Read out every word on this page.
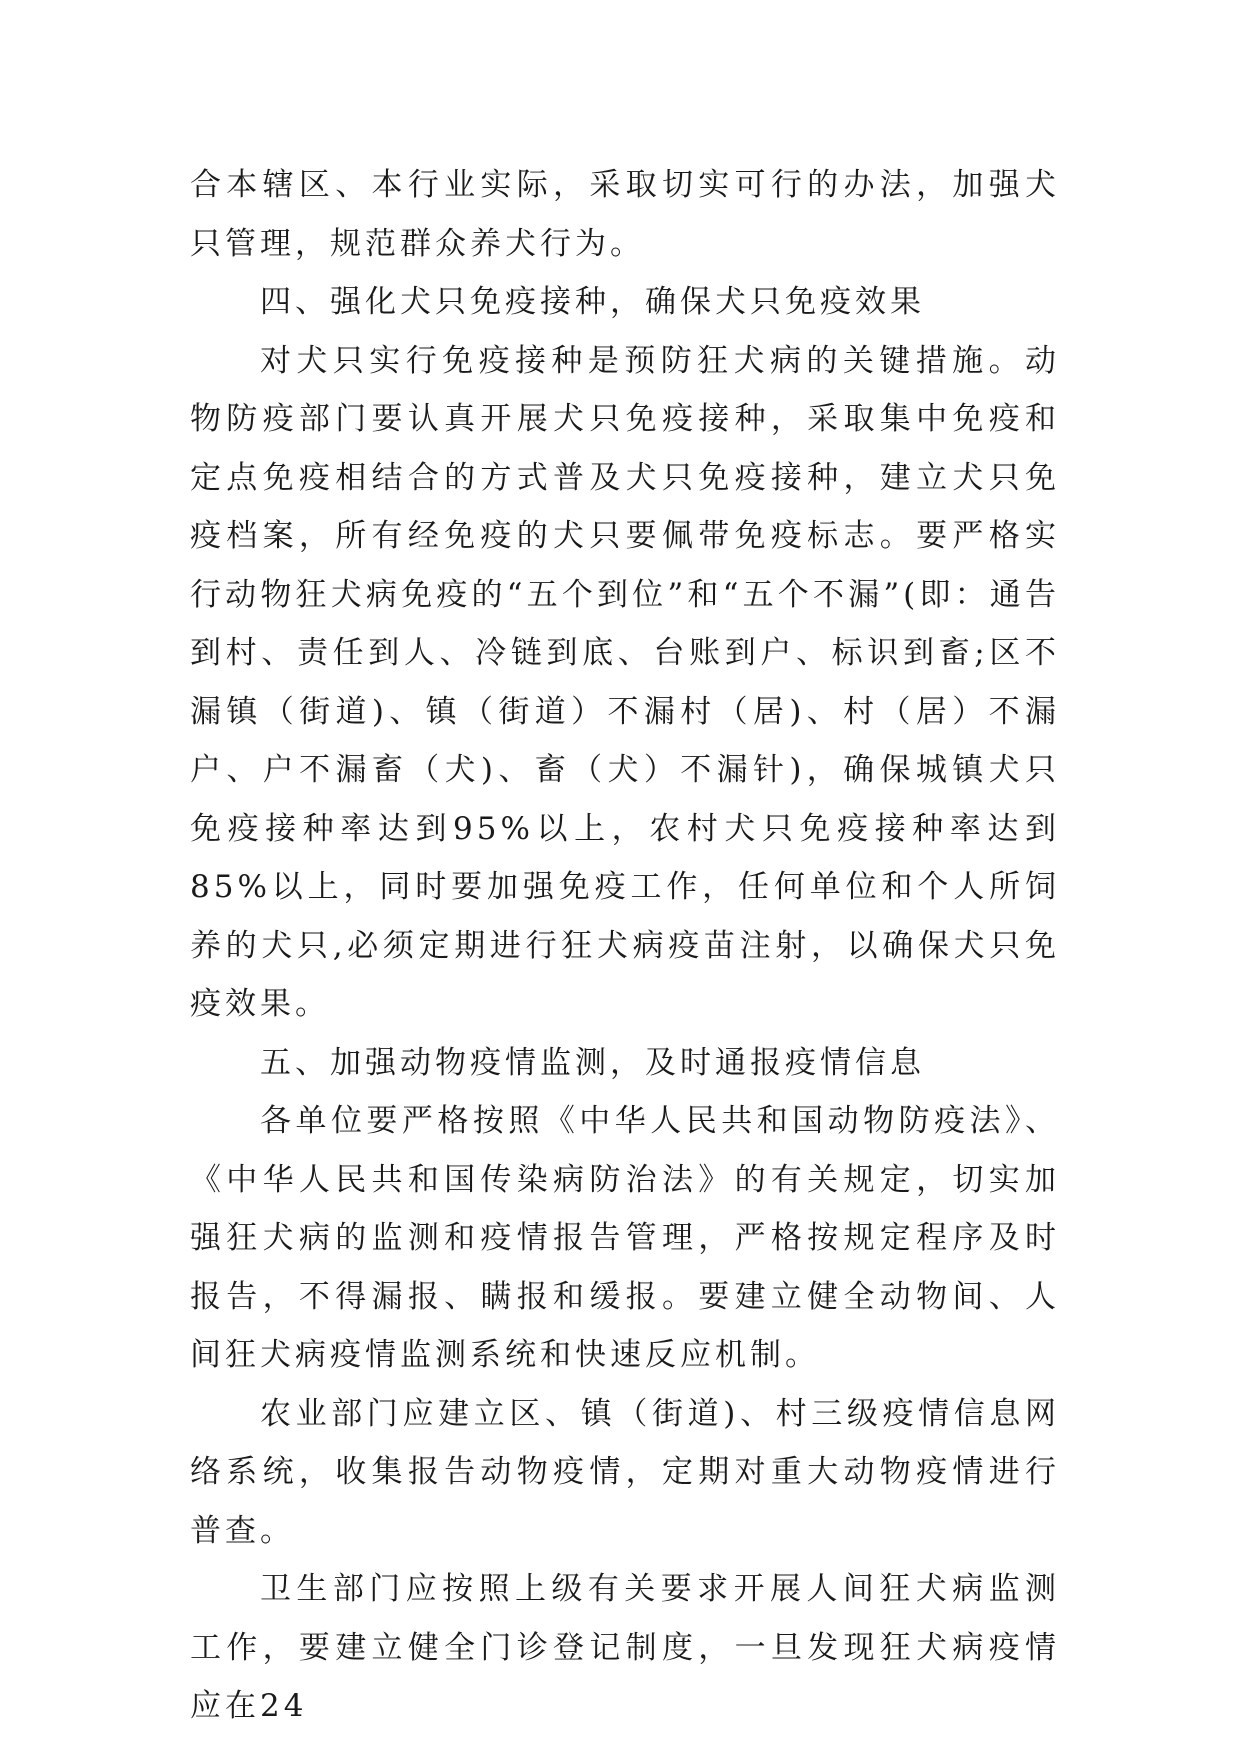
合本辖区、本行业实际，采取切实可行的办法，加强犬只管理，规范群众养犬行为。

四、强化犬只免疫接种，确保犬只免疫效果

对犬只实行免疫接种是预防狂犬病的关键措施。动物防疫部门要认真开展犬只免疫接种，采取集中免疫和定点免疫相结合的方式普及犬只免疫接种，建立犬只免疫档案，所有经免疫的犬只要佩带免疫标志。要严格实行动物狂犬病免疫的“五个到位”和“五个不漏”(即：通告到村、责任到人、冷链到底、台账到户、标识到畜;区不漏镇（街道)、镇（街道）不漏村（居)、村（居）不漏户、户不漏畜（犬)、畜（犬）不漏针)，确保城镇犬只免疫接种率达到95%以上，农村犬只免疫接种率达到85%以上，同时要加强免疫工作，任何单位和个人所饲养的犬只,必须定期进行狂犬病疫苗注射，以确保犬只免疫效果。

五、加强动物疫情监测，及时通报疫情信息

各单位要严格按照《中华人民共和国动物防疫法》、《中华人民共和国传染病防治法》的有关规定，切实加强狂犬病的监测和疫情报告管理，严格按规定程序及时报告，不得漏报、瞒报和缓报。要建立健全动物间、人间狂犬病疫情监测系统和快速反应机制。

农业部门应建立区、镇（街道)、村三级疫情信息网络系统，收集报告动物疫情，定期对重大动物疫情进行普查。

卫生部门应按照上级有关要求开展人间狂犬病监测工作，要建立健全门诊登记制度，一旦发现狂犬病疫情应在24
